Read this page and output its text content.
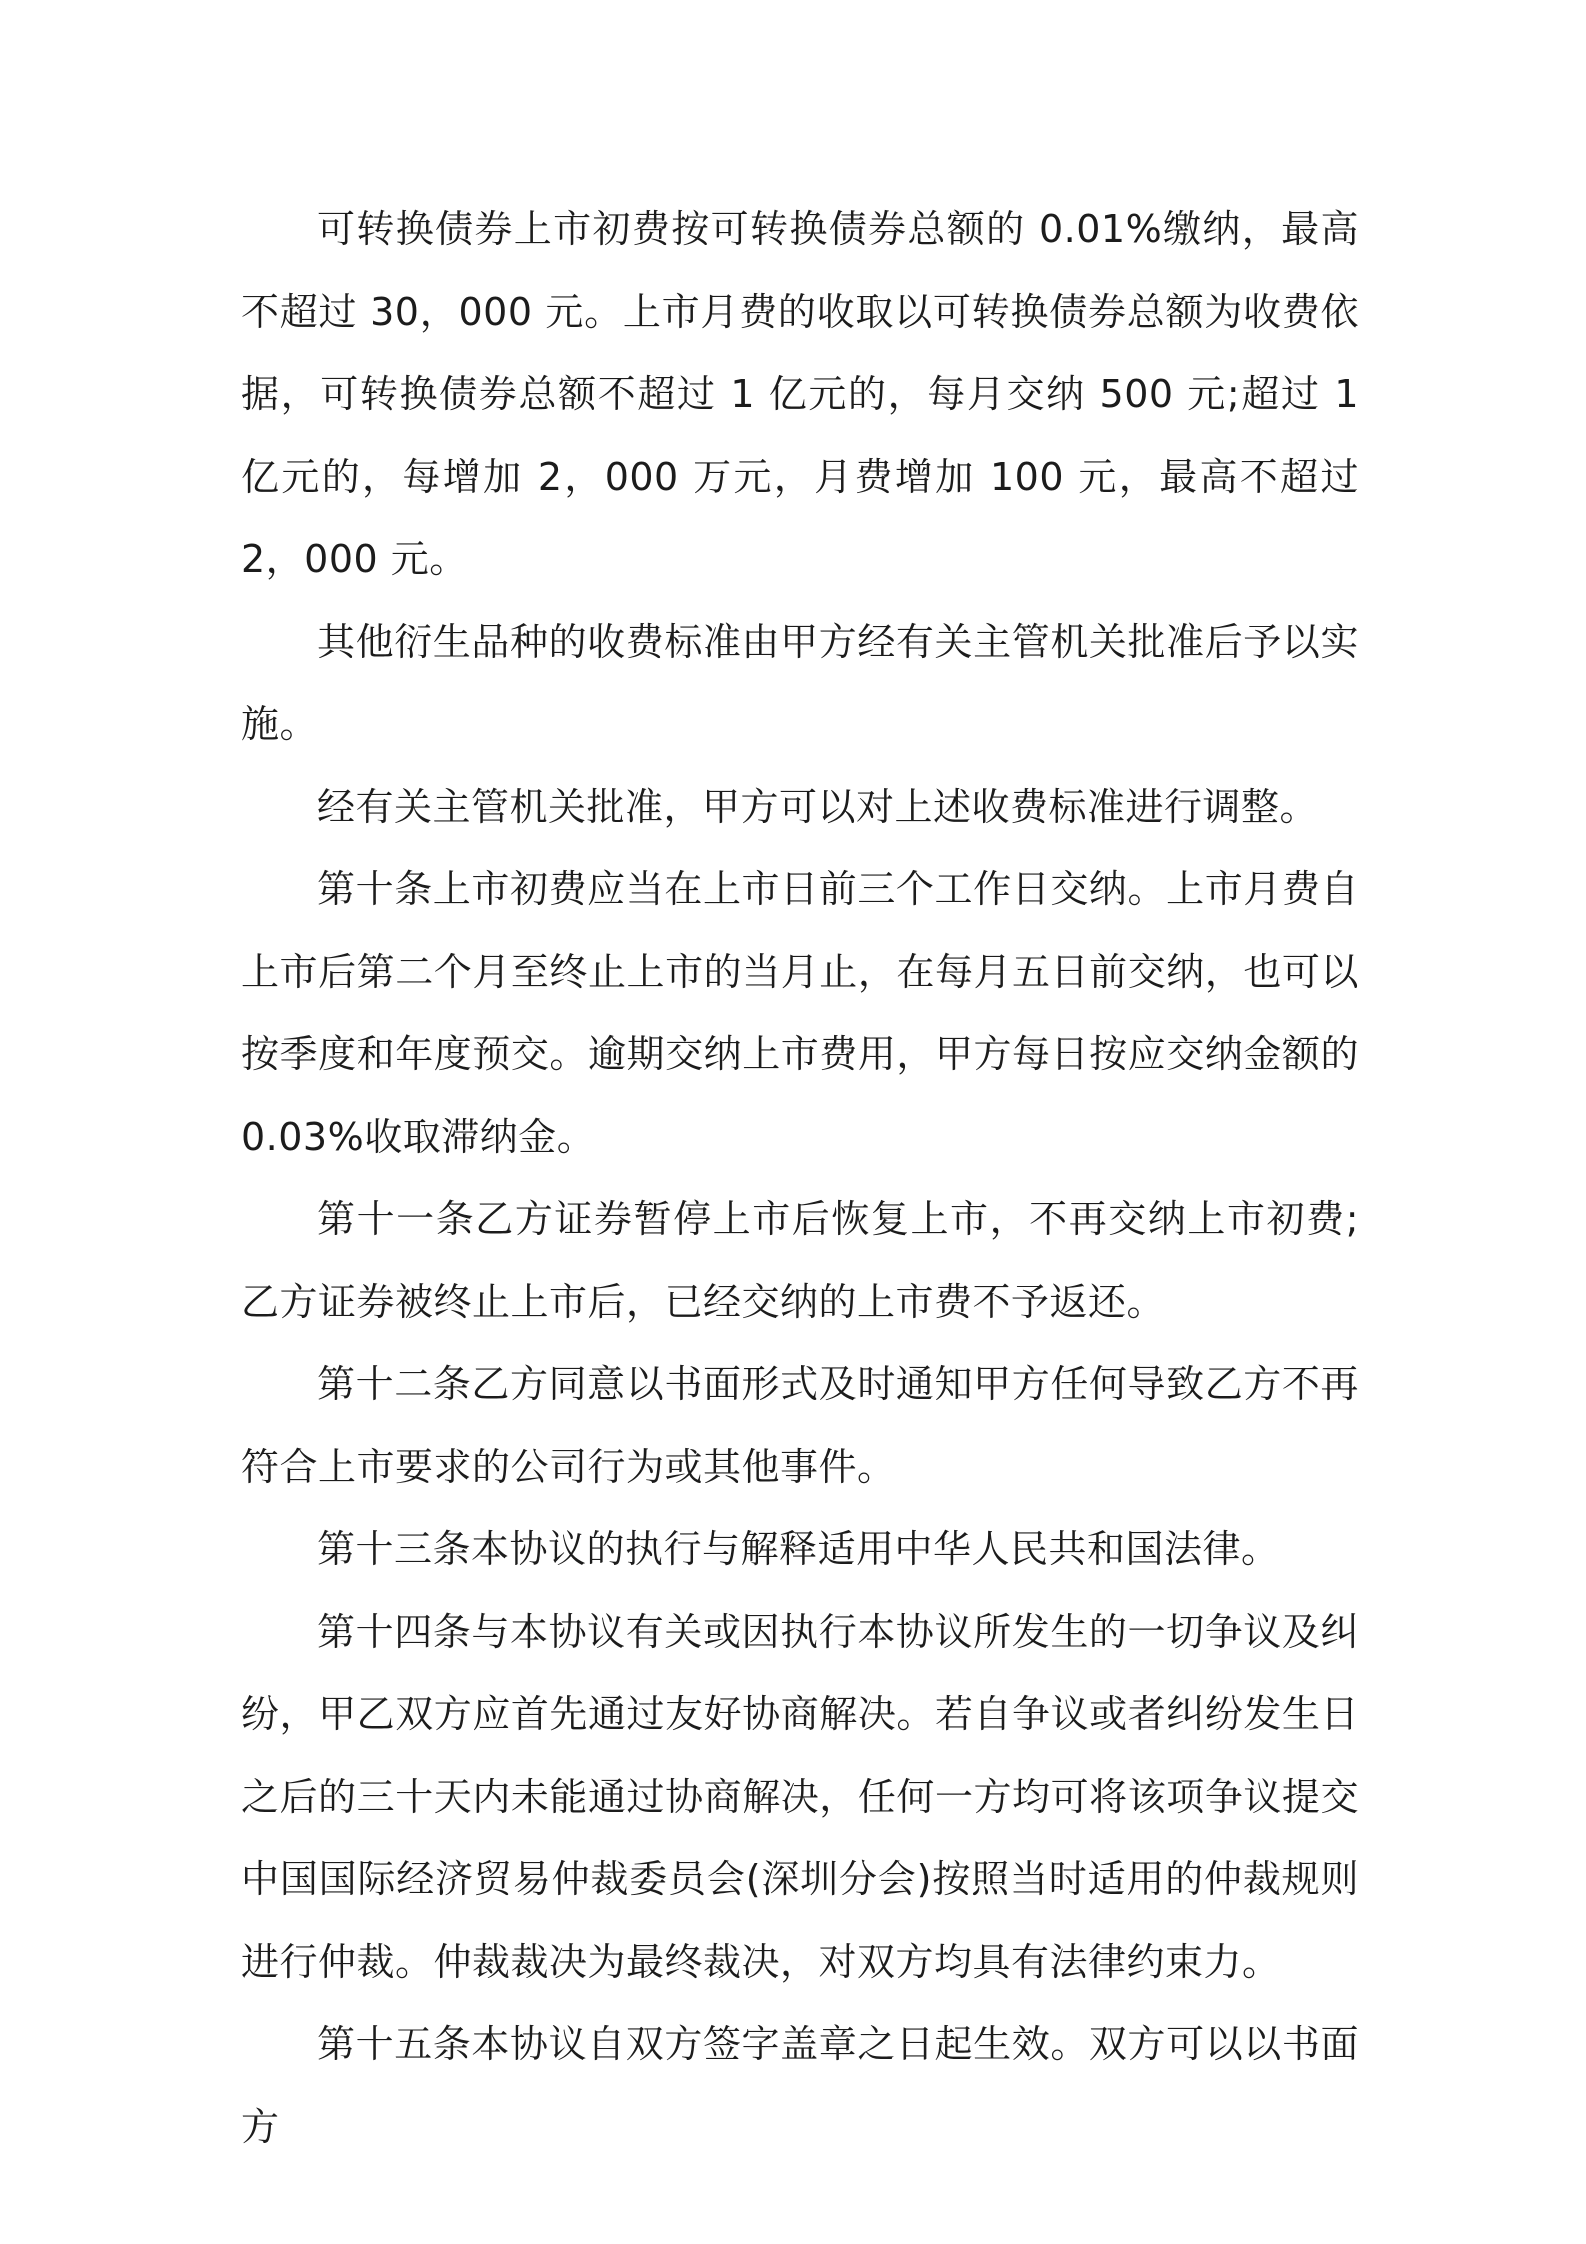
可转换债券上市初费按可转换债券总额的 0.01%缴纳，最高不超过 30，000 元。上市月费的收取以可转换债券总额为收费依据，可转换债券总额不超过 1 亿元的，每月交纳 500 元;超过 1 亿元的，每增加 2，000 万元，月费增加 100 元，最高不超过 2，000 元。

其他衍生品种的收费标准由甲方经有关主管机关批准后予以实施。

经有关主管机关批准，甲方可以对上述收费标准进行调整。

第十条上市初费应当在上市日前三个工作日交纳。上市月费自上市后第二个月至终止上市的当月止，在每月五日前交纳，也可以按季度和年度预交。逾期交纳上市费用，甲方每日按应交纳金额的 0.03%收取滞纳金。

第十一条乙方证券暂停上市后恢复上市，不再交纳上市初费;乙方证券被终止上市后，已经交纳的上市费不予返还。

第十二条乙方同意以书面形式及时通知甲方任何导致乙方不再符合上市要求的公司行为或其他事件。

第十三条本协议的执行与解释适用中华人民共和国法律。

第十四条与本协议有关或因执行本协议所发生的一切争议及纠纷，甲乙双方应首先通过友好协商解决。若自争议或者纠纷发生日之后的三十天内未能通过协商解决，任何一方均可将该项争议提交中国国际经济贸易仲裁委员会(深圳分会)按照当时适用的仲裁规则进行仲裁。仲裁裁决为最终裁决，对双方均具有法律约束力。

第十五条本协议自双方签字盖章之日起生效。双方可以以书面方
